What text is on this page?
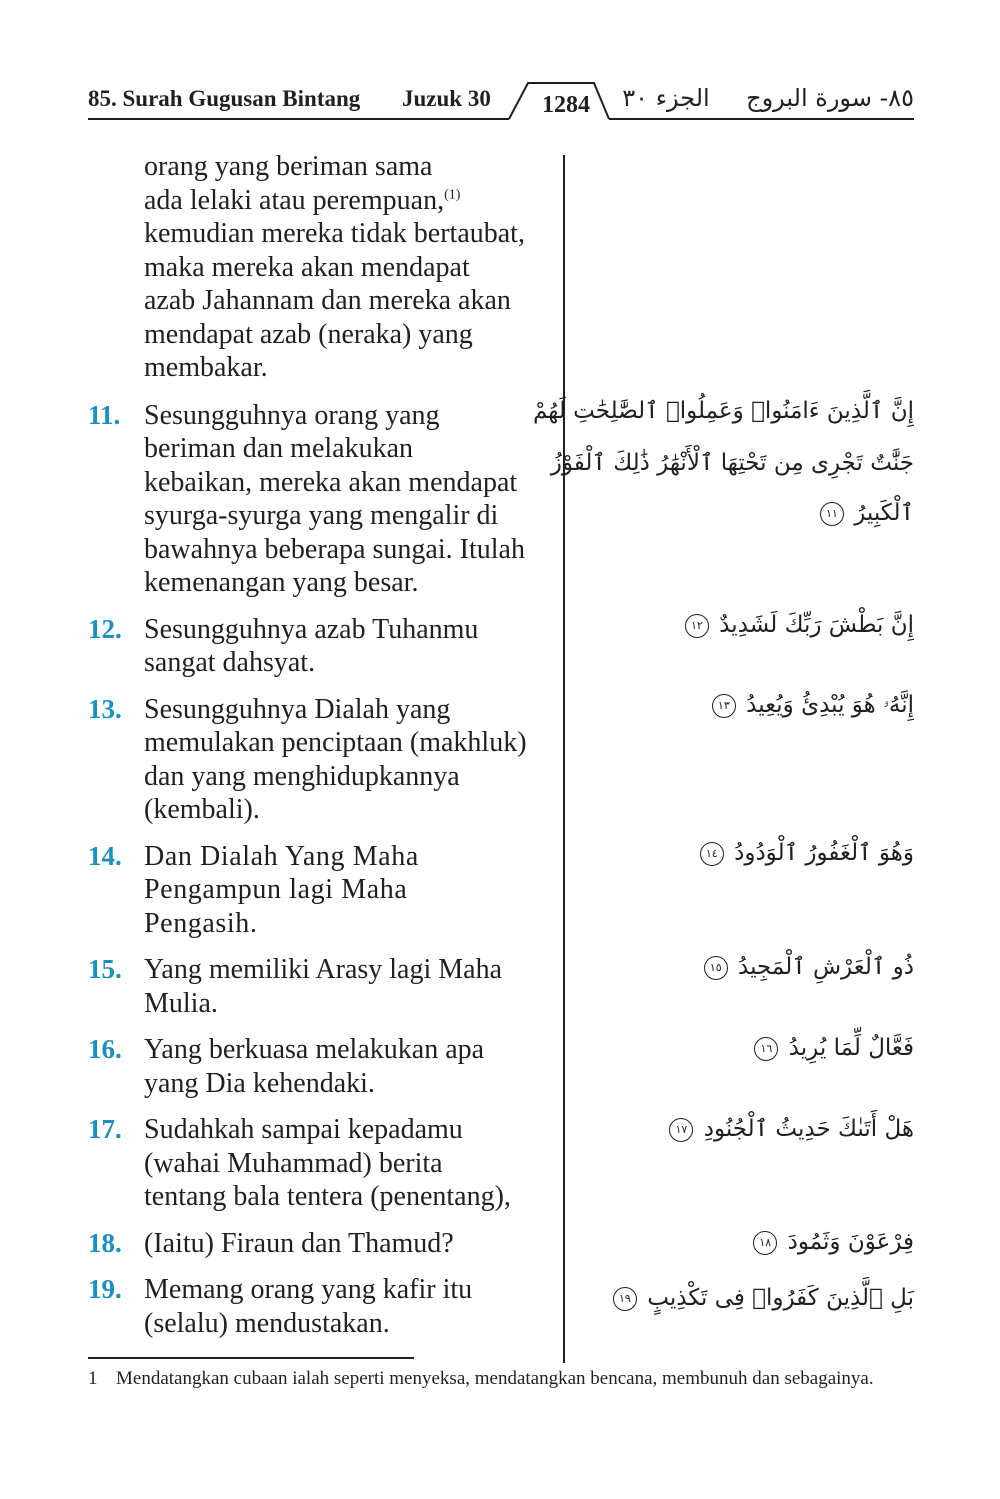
85. Surah Gugusan Bintang Juzuk 30 1284 الجزء ٣٠ ٨٥- سورة البروج
orang yang beriman sama
ada lelaki atau perempuan,$^{(1)}$
kemudian mereka tidak bertaubat,
maka mereka akan mendapat
azab Jahannam dan mereka akan
mendapat azab (neraka) yang
membakar.
11. Sesungguhnya orang yang
beriman dan melakukan
kebaikan, mereka akan mendapat
syurga-syurga yang mengalir di
bawahnya beberapa sungai. Itulah
kemenangan yang besar.
12. Sesungguhnya azab Tuhanmu
sangat dahsyat.
13. Sesungguhnya Dialah yang
memulakan penciptaan (makhluk)
dan yang menghidupkannya
(kembali).
14. Dan Dialah Yang Maha
Pengampun lagi Maha
Pengasih.
15. Yang memiliki Arasy lagi Maha
Mulia.
16. Yang berkuasa melakukan apa
yang Dia kehendaki.
17. Sudahkah sampai kepadamu
(wahai Muhammad) berita
tentang bala tentera (penentang),
18. (Iaitu) Firaun dan Thamud?
19. Memang orang yang kafir itu
(selalu) mendustakan.
إِنَّ ٱلَّذِينَ ءَامَنُوا۟ وَعَمِلُوا۟ ٱلصَّٰلِحَٰتِ لَهُمْ
جَنَّٰتٌ تَجْرِى مِن تَحْتِهَا ٱلْأَنْهَٰرُ ذَٰلِكَ ٱلْفَوْزُ
ٱلْكَبِيرُ ١١
إِنَّ بَطْشَ رَبِّكَ لَشَدِيدٌ ١٢
إِنَّهُۥ هُوَ يُبْدِئُ وَيُعِيدُ ١٣
وَهُوَ ٱلْغَفُورُ ٱلْوَدُودُ ١٤
ذُو ٱلْعَرْشِ ٱلْمَجِيدُ ١٥
فَعَّالٌ لِّمَا يُرِيدُ ١٦
هَلْ أَتَىٰكَ حَدِيثُ ٱلْجُنُودِ ١٧
فِرْعَوْنَ وَثَمُودَ ١٨
بَلِ ٱلَّذِينَ كَفَرُوا۟ فِى تَكْذِيبٍ ١٩
1 Mendatangkan cubaan ialah seperti menyeksa, mendatangkan bencana, membunuh dan sebagainya.
